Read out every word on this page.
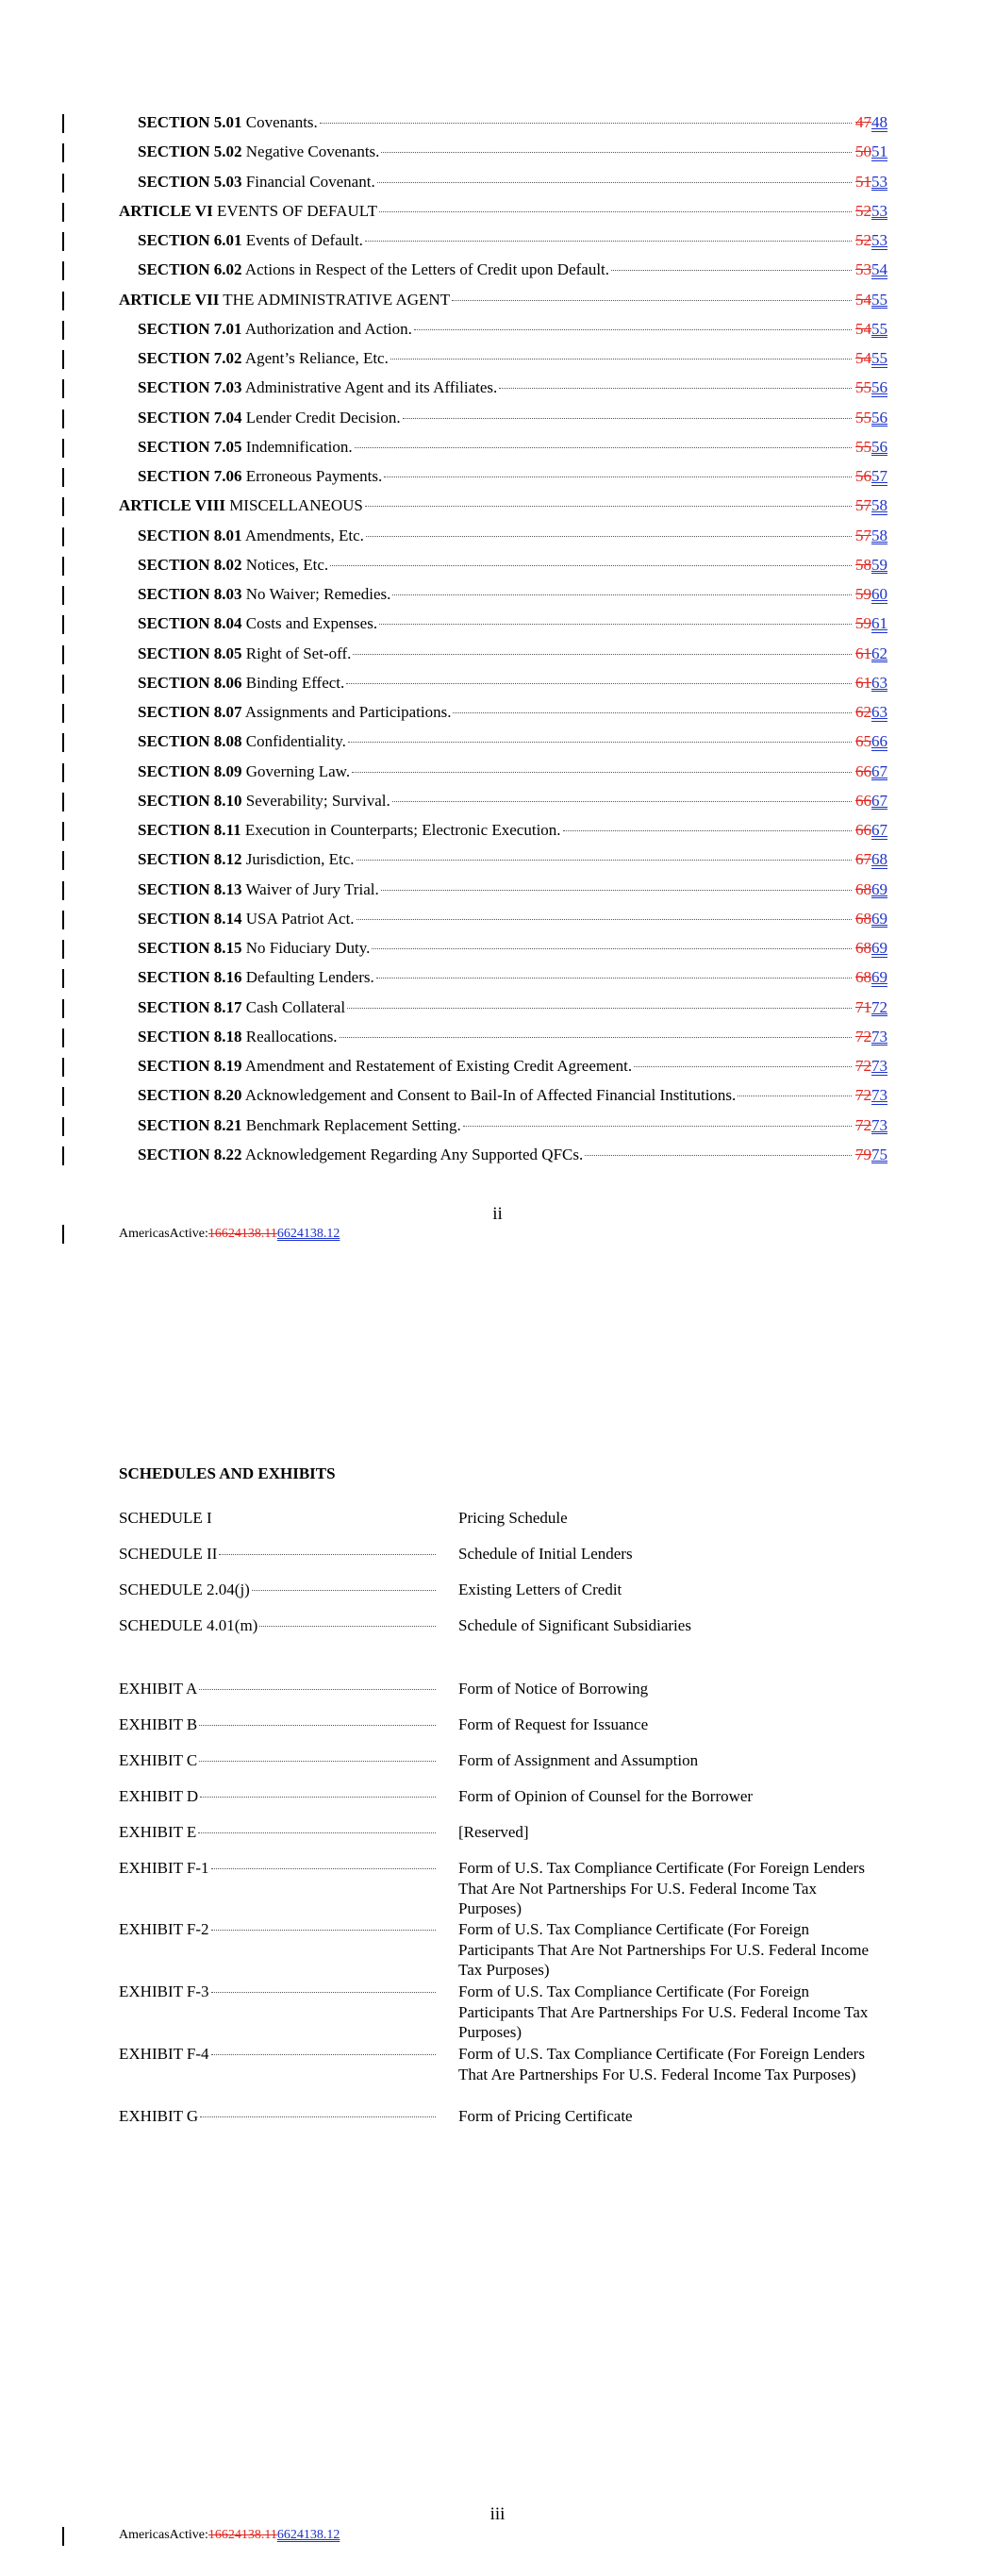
SECTION 5.01 Covenants.	4748
SECTION 5.02 Negative Covenants.	5051
SECTION 5.03 Financial Covenant.	5153
ARTICLE VI EVENTS OF DEFAULT	5253
SECTION 6.01 Events of Default.	5253
SECTION 6.02 Actions in Respect of the Letters of Credit upon Default.	5354
ARTICLE VII THE ADMINISTRATIVE AGENT	5455
SECTION 7.01 Authorization and Action.	5455
SECTION 7.02 Agent’s Reliance, Etc.	5455
SECTION 7.03 Administrative Agent and its Affiliates.	5556
SECTION 7.04 Lender Credit Decision.	5556
SECTION 7.05 Indemnification.	5556
SECTION 7.06 Erroneous Payments.	5657
ARTICLE VIII MISCELLANEOUS	5758
SECTION 8.01 Amendments, Etc.	5758
SECTION 8.02 Notices, Etc.	5859
SECTION 8.03 No Waiver; Remedies.	5960
SECTION 8.04 Costs and Expenses.	5961
SECTION 8.05 Right of Set-off.	6162
SECTION 8.06 Binding Effect.	6163
SECTION 8.07 Assignments and Participations.	6263
SECTION 8.08 Confidentiality.	6566
SECTION 8.09 Governing Law.	6667
SECTION 8.10 Severability; Survival.	6667
SECTION 8.11 Execution in Counterparts; Electronic Execution.	6667
SECTION 8.12 Jurisdiction, Etc.	6768
SECTION 8.13 Waiver of Jury Trial.	6869
SECTION 8.14 USA Patriot Act.	6869
SECTION 8.15 No Fiduciary Duty.	6869
SECTION 8.16 Defaulting Lenders.	6869
SECTION 8.17 Cash Collateral	7172
SECTION 8.18 Reallocations.	7273
SECTION 8.19 Amendment and Restatement of Existing Credit Agreement.	7273
SECTION 8.20 Acknowledgement and Consent to Bail-In of Affected Financial Institutions.	7273
SECTION 8.21 Benchmark Replacement Setting.	7273
SECTION 8.22 Acknowledgement Regarding Any Supported QFCs.	7975
ii
AmericasActive:16624138.116624138.12
SCHEDULES AND EXHIBITS
SCHEDULE I	Pricing Schedule
SCHEDULE II	Schedule of Initial Lenders
SCHEDULE 2.04(j)	Existing Letters of Credit
SCHEDULE 4.01(m)	Schedule of Significant Subsidiaries
EXHIBIT A	Form of Notice of Borrowing
EXHIBIT B	Form of Request for Issuance
EXHIBIT C	Form of Assignment and Assumption
EXHIBIT D	Form of Opinion of Counsel for the Borrower
EXHIBIT E	[Reserved]
EXHIBIT F-1	Form of U.S. Tax Compliance Certificate (For Foreign Lenders That Are Not Partnerships For U.S. Federal Income Tax Purposes)
EXHIBIT F-2	Form of U.S. Tax Compliance Certificate (For Foreign Participants That Are Not Partnerships For U.S. Federal Income Tax Purposes)
EXHIBIT F-3	Form of U.S. Tax Compliance Certificate (For Foreign Participants That Are Partnerships For U.S. Federal Income Tax Purposes)
EXHIBIT F-4	Form of U.S. Tax Compliance Certificate (For Foreign Lenders That Are Partnerships For U.S. Federal Income Tax Purposes)
EXHIBIT G	Form of Pricing Certificate
iii
AmericasActive:16624138.116624138.12
